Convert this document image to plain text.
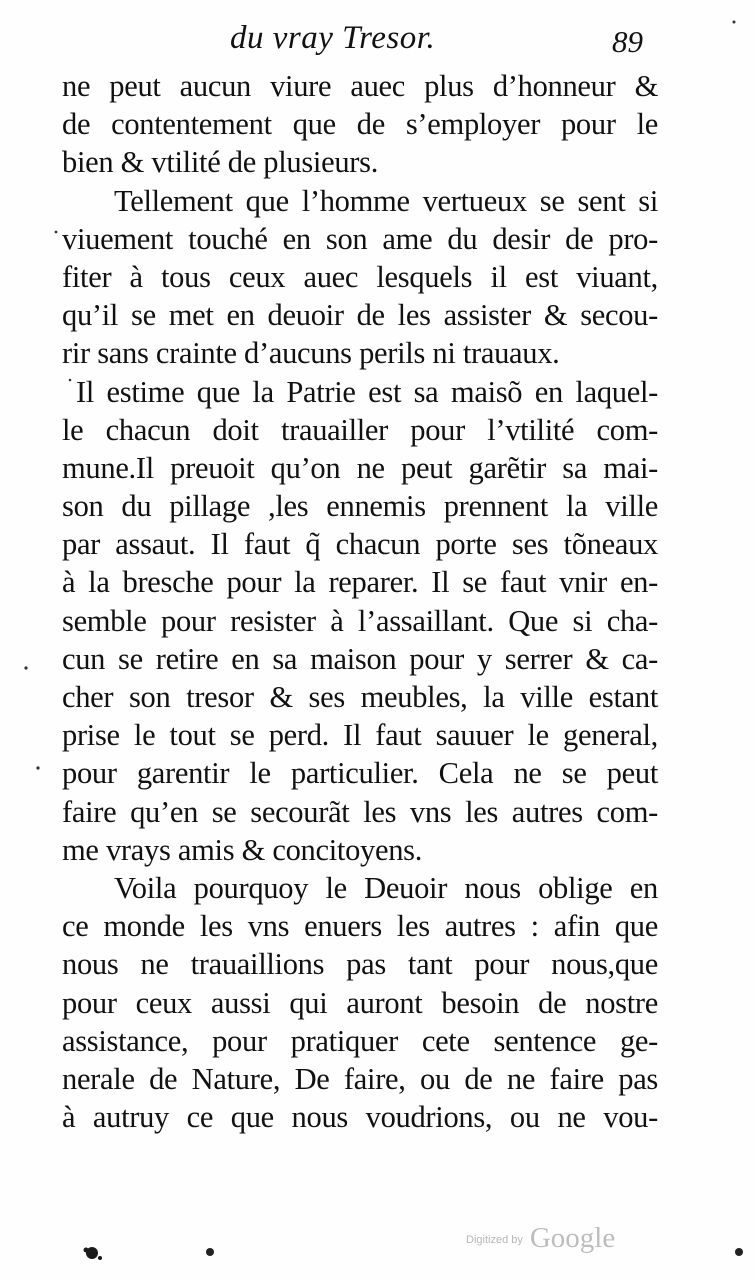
du vray Tresor.	89
ne peut aucun viure auec plus d’honneur &
de contentement que de s’employer pour le
bien & vtilité de plusieurs.
Tellement que l’homme vertueux se sent si
viuement touché en son ame du desir de pro-
fiter à tous ceux auec lesquels il est viuant,
qu’il se met en deuoir de les assister & secou-
rir sans crainte d’aucuns perils ni trauaux.
Il estime que la Patrie est sa maisõ en laquel-
le chacun doit trauailler pour l’vtilité com-
mune.Il preuoit qu’on ne peut garẽtir sa mai-
son du pillage ,les ennemis prennent la ville
par assaut. Il faut q̃ chacun porte ses tõneaux
à la bresche pour la reparer. Il se faut vnir en-
semble pour resister à l’assaillant. Que si cha-
cun se retire en sa maison pour y serrer & ca-
cher son tresor & ses meubles, la ville estant
prise le tout se perd. Il faut sauuer le general,
pour garentir le particulier. Cela ne se peut
faire qu’en se secourãt les vns les autres com-
me vrays amis & concitoyens.
Voila pourquoy le Deuoir nous oblige en
ce monde les vns enuers les autres : afin que
nous ne trauaillions pas tant pour nous,que
pour ceux aussi qui auront besoin de nostre
assistance, pour pratiquer cete sentence ge-
nerale de Nature, De faire, ou de ne faire pas
à autruy ce que nous voudrions, ou ne vou-
$^{Digitized by}$ Google
